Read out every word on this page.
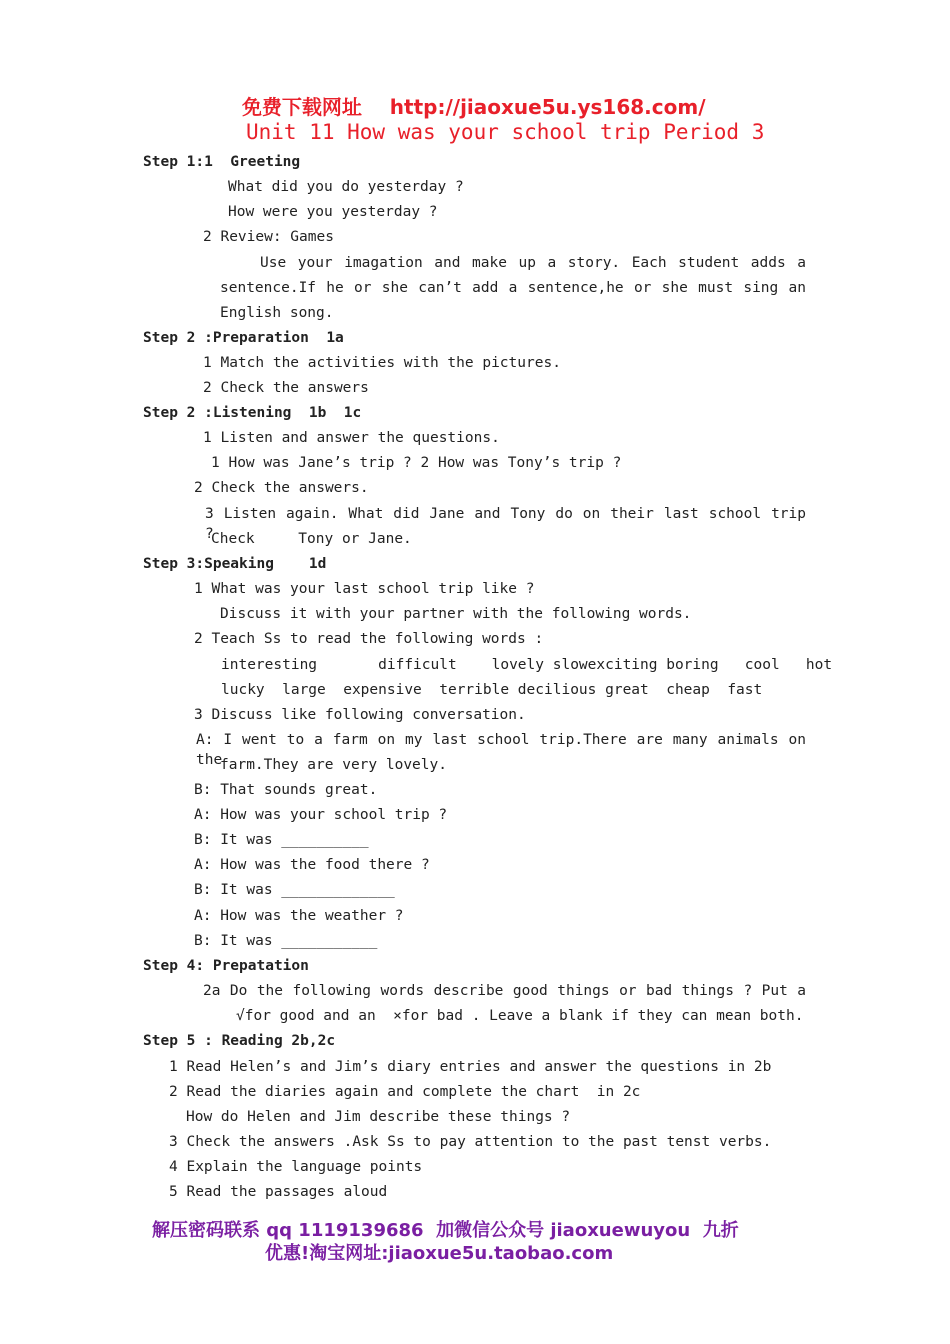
免费下载网址 http://jiaoxue5u.ys168.com/

Unit 11 How was your school trip Period 3
Step 1:1  Greeting
What did you do yesterday ?
How were you yesterday ?
2 Review: Games
Use your imagation and make up a story. Each student adds a
sentence.If he or she can’t add a sentence,he or she must sing an
English song.
Step 2 :Preparation  1a
1 Match the activities with the pictures.
2 Check the answers
Step 2 :Listening  1b  1c
1 Listen and answer the questions.
1 How was Jane’s trip ? 2 How was Tony’s trip ?
2 Check the answers.
3 Listen again. What did Jane and Tony do on their last school trip ?
Check     Tony or Jane.
Step 3:Speaking    1d
1 What was your last school trip like ?
Discuss it with your partner with the following words.
2 Teach Ss to read the following words :
interesting       difficult    lovely slowexciting boring   cool   hot
lucky  large  expensive  terrible decilious great  cheap  fast
3 Discuss like following conversation.
A: I went to a farm on my last school trip.There are many animals on the
farm.They are very lovely.
B: That sounds great.
A: How was your school trip ?
B: It was __________
A: How was the food there ?
B: It was _____________
A: How was the weather ?
B: It was ___________
Step 4: Prepatation
2a Do the following words describe good things or bad things ? Put a
√for good and an  ×for bad . Leave a blank if they can mean both.
Step 5 : Reading 2b,2c
1 Read Helen’s and Jim’s diary entries and answer the questions in 2b
2 Read the diaries again and complete the chart  in 2c
How do Helen and Jim describe these things ?
3 Check the answers .Ask Ss to pay attention to the past tenst verbs.
4 Explain the language points
5 Read the passages aloud
解压密码联系 qq 1119139686  加微信公众号 jiaoxuewuyou  九折
优惠!淘宝网址:jiaoxue5u.taobao.com
